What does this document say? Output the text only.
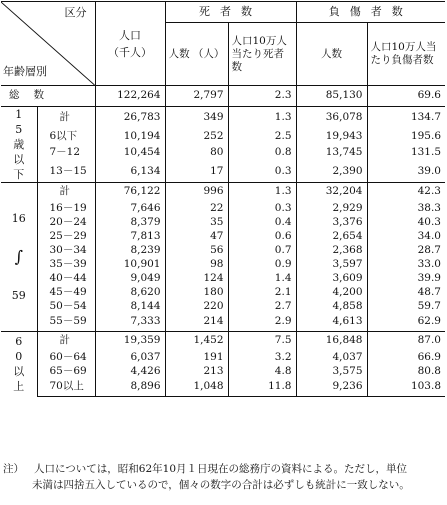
区分
年齢層別		人口
（千人）	死者数		負傷者数	
			人数 （人）	人口10万人当たり死者数	人数	人口10万人当たり負傷者数
総数		122,264	2,797	2.3	85,130	69.6
15歳以下	計	26,783	349	1.3	36,078	134.7
	6以下	10,194	252	2.5	19,943	195.6
	7－12	10,454	80	0.8	13,745	131.5
	13－15	6,134	17	0.3	2,390	39.0

16
∫
59	計	76,122	996	1.3	32,204	42.3
	16－19	7,646	22	0.3	2,929	38.3
	20－24	8,379	35	0.4	3,376	40.3
	25－29	7,813	47	0.6	2,654	34.0
	30－34	8,239	56	0.7	2,368	28.7
	35－39	10,901	98	0.9	3,597	33.0
	40－44	9,049	124	1.4	3,609	39.9
	45－49	8,620	180	2.1	4,200	48.7
	50－54	8,144	220	2.7	4,858	59.7
	55－59	7,333	214	2.9	4,613	62.9
60以上	計	19,359	1,452	7.5	16,848	87.0
	60－64	6,037	191	3.2	4,037	66.9
	65－69	4,426	213	4.8	3,575	80.8
	70以上	8,896	1,048	11.8	9,236	103.8
注） 人口については，昭和62年10月１日現在の総務庁の資料による。ただし，単位
未満は四捨五入しているので，個々の数字の合計は必ずしも統計に一致しない。
